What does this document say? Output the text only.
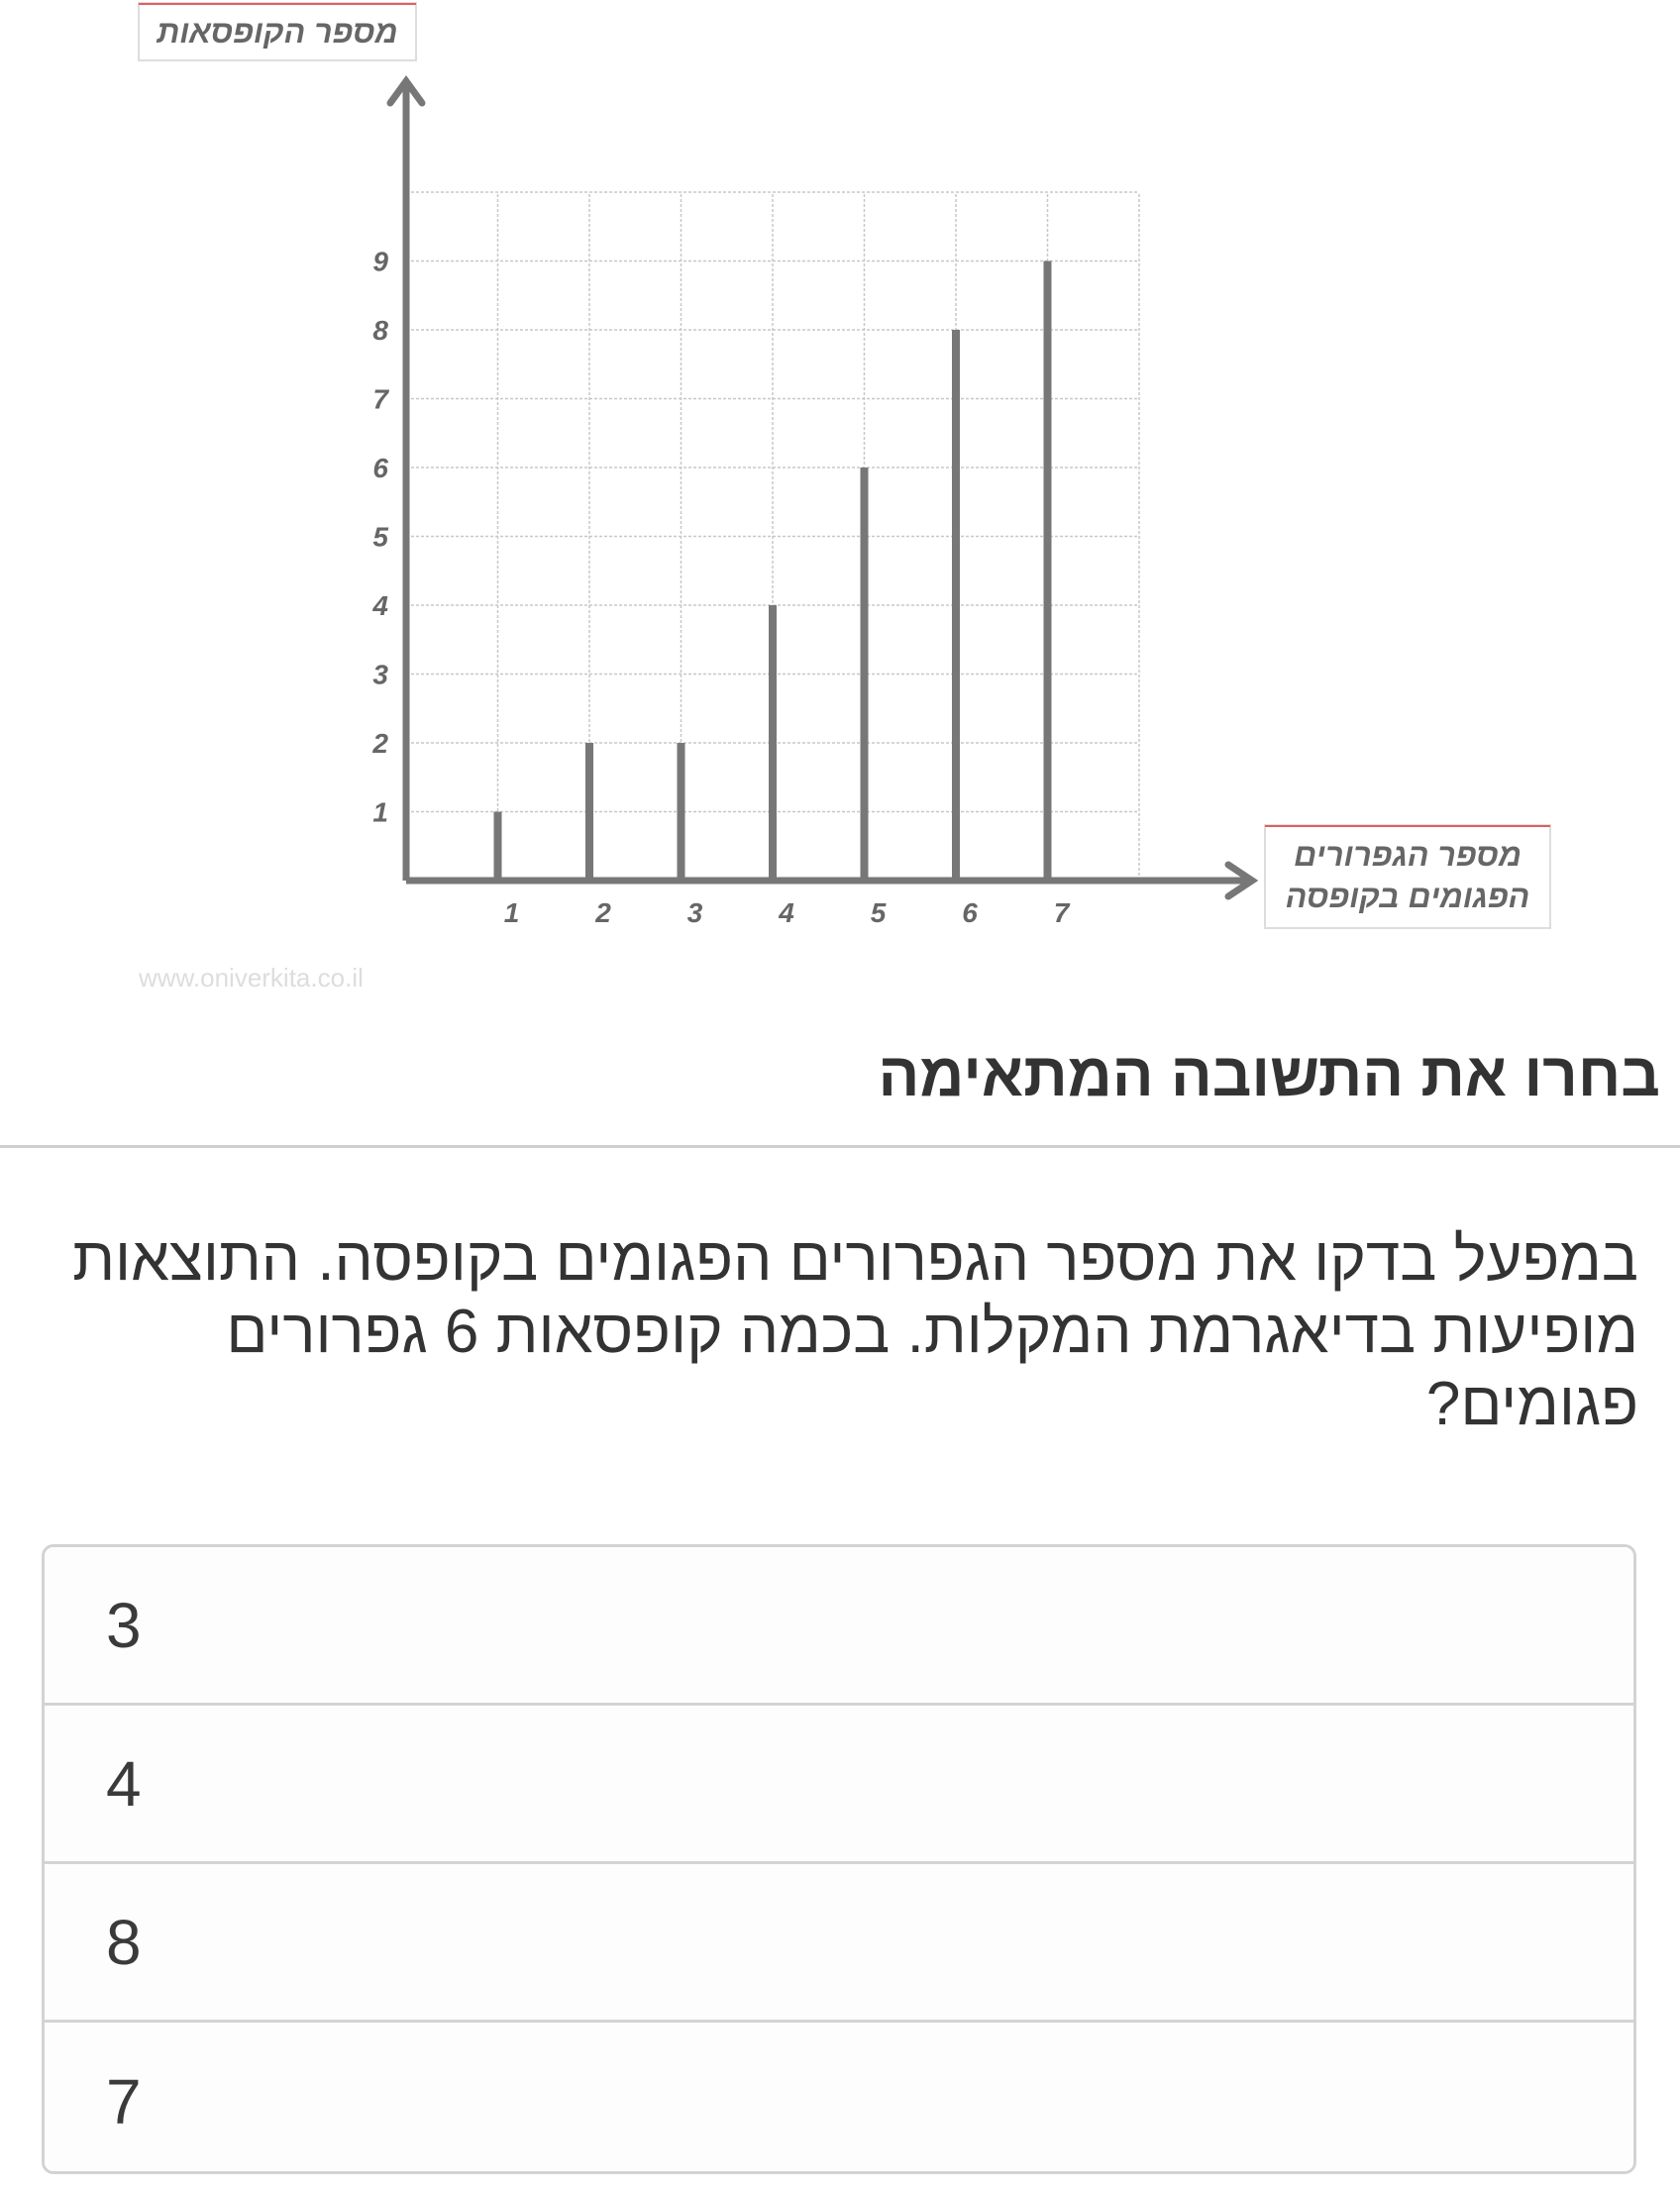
1
2
3
4
5
6
7
8
9
1	2	3	4	5	6	7
מספר הקופסאות
מספר הגפרורים
הפגומים בקופסה
www.oniverkita.co.il
בחרו את התשובה המתאימה

במפעל בדקו את מספר הגפרורים הפגומים בקופסה. התוצאות מופיעות בדיאגרמת המקלות. בכמה קופסאות 6 גפרורים פגומים?

3
4
8
7
